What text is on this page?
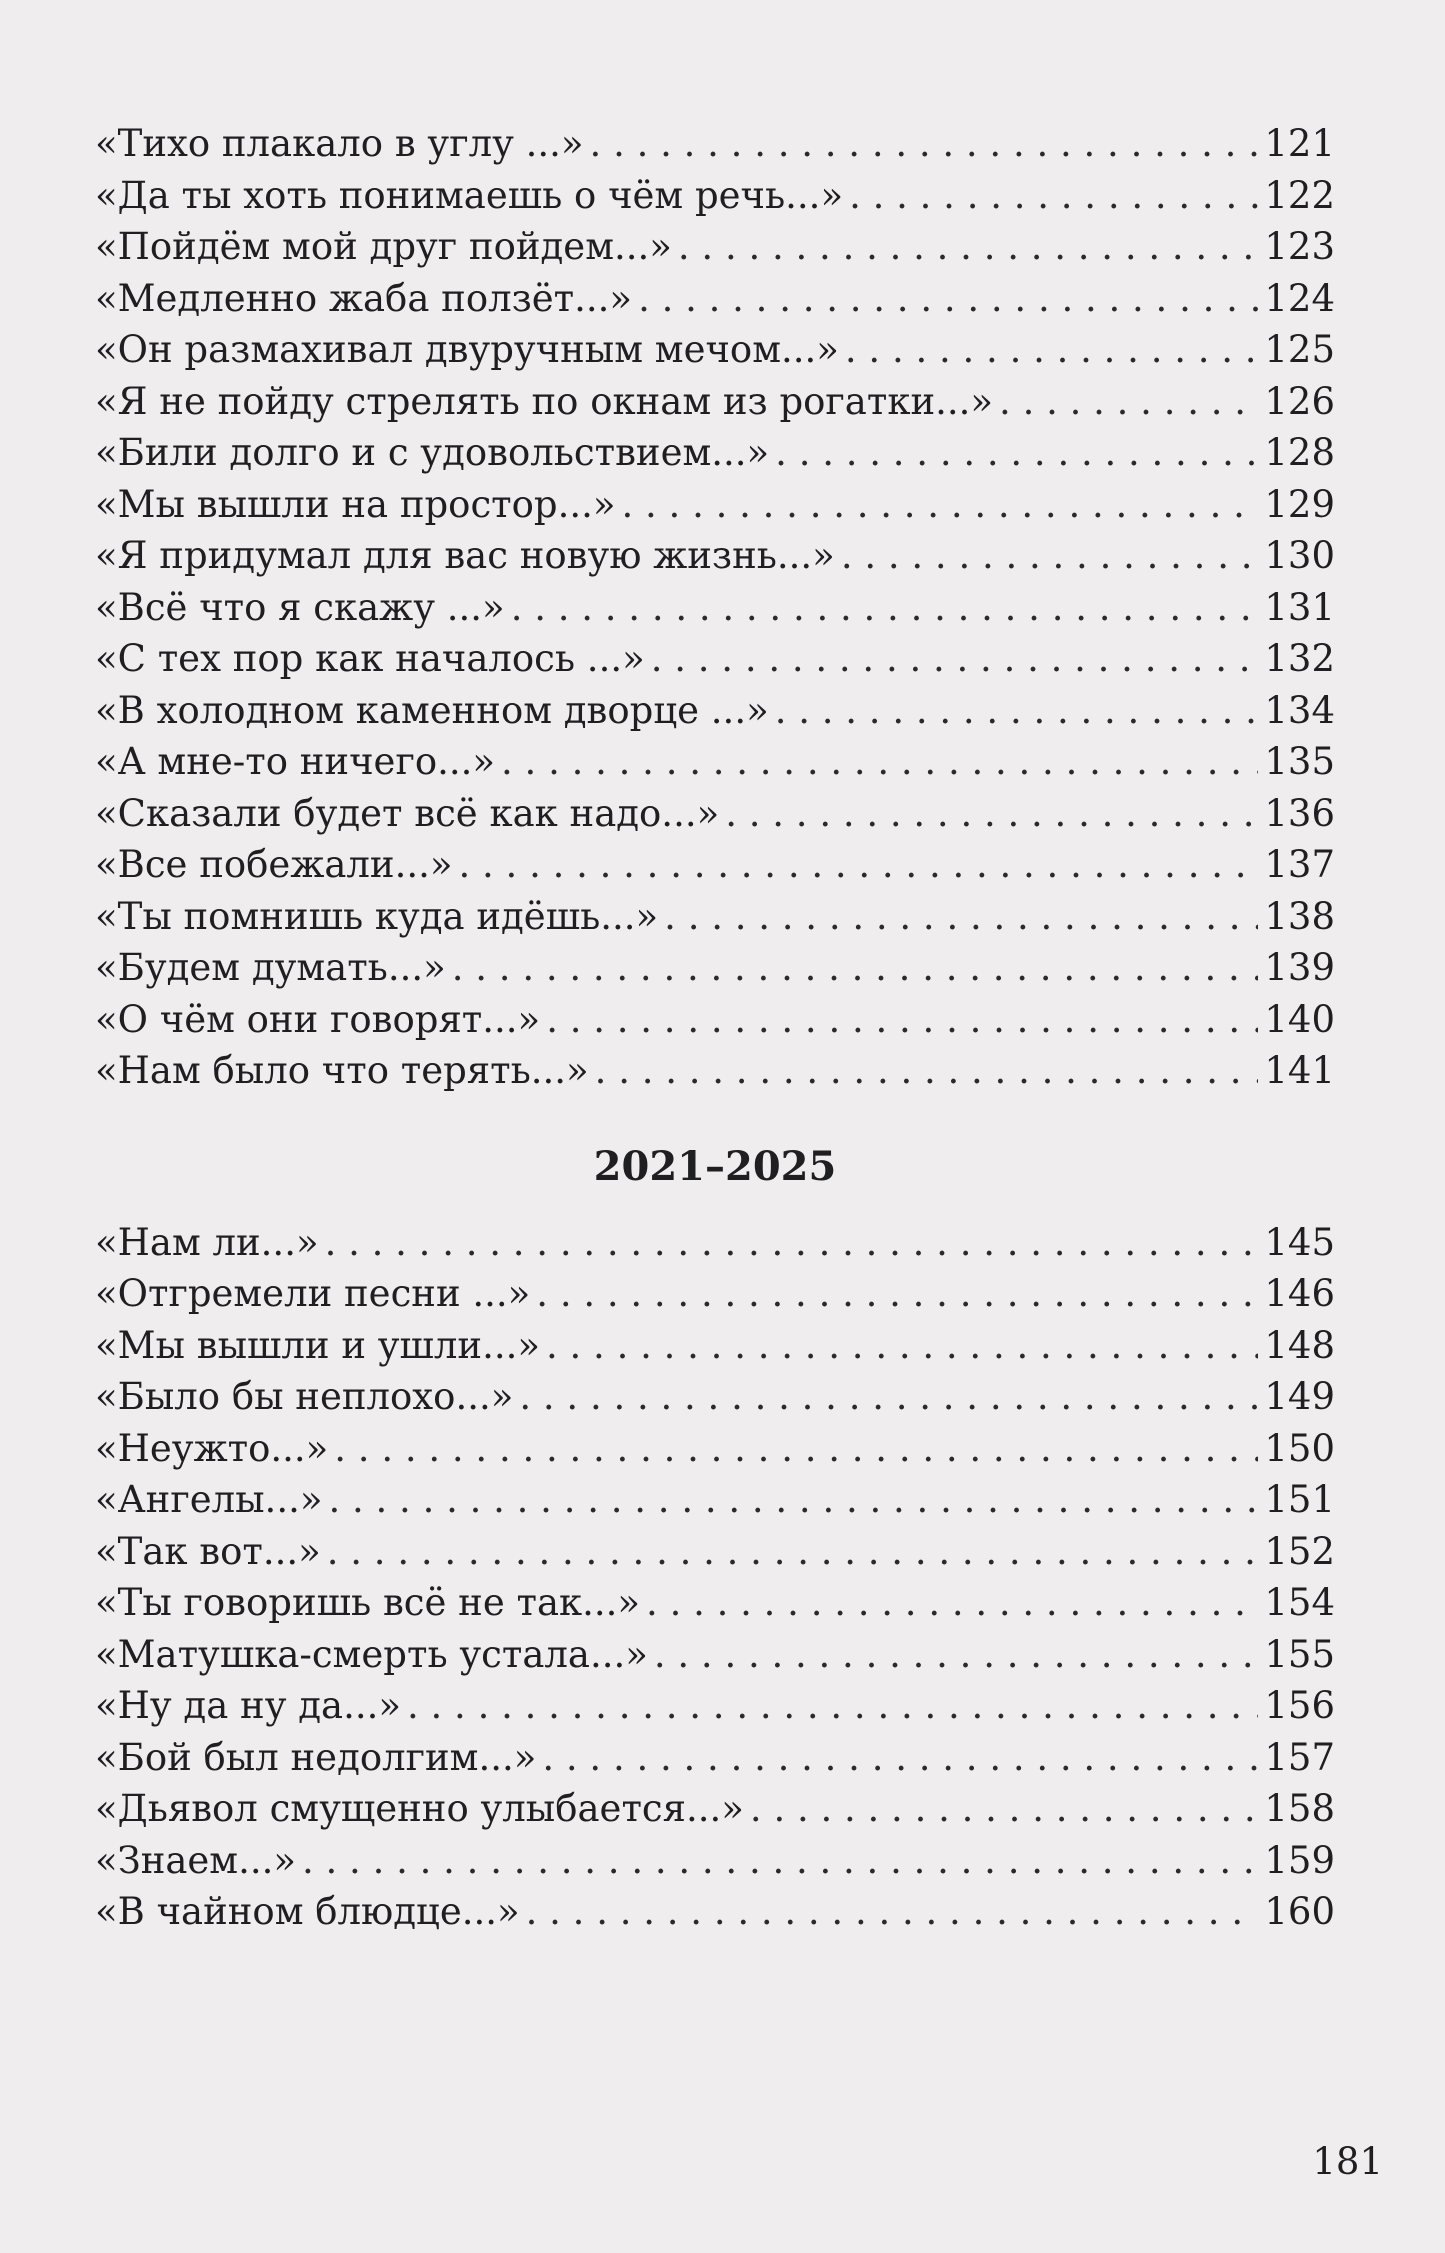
«Тихо плакало в углу ...» . . .	121
«Да ты хоть понимаешь о чём речь...» . . .	122
«Пойдём мой друг пойдем...» . . .	123
«Медленно жаба ползёт...» . . .	124
«Он размахивал двуручным мечом...» . . .	125
«Я не пойду стрелять по окнам из рогатки...» . . .	126
«Били долго и с удовольствием...» . . .	128
«Мы вышли на простор...» . . .	129
«Я придумал для вас новую жизнь...» . . .	130
«Всё что я скажу ...» . . .	131
«С тех пор как началось ...» . . .	132
«В холодном каменном дворце ...» . . .	134
«А мне-то ничего...» . . .	135
«Сказали будет всё как надо...» . . .	136
«Все побежали...» . . .	137
«Ты помнишь куда идёшь...» . . .	138
«Будем думать...» . . .	139
«О чём они говорят...» . . .	140
«Нам было что терять...» . . .	141
2021–2025
«Нам ли...» . . .	145
«Отгремели песни ...» . . .	146
«Мы вышли и ушли...» . . .	148
«Было бы неплохо...» . . .	149
«Неужто...» . . .	150
«Ангелы...» . . .	151
«Так вот...» . . .	152
«Ты говоришь всё не так...» . . .	154
«Матушка-смерть устала...» . . .	155
«Ну да ну да...» . . .	156
«Бой был недолгим...» . . .	157
«Дьявол смущенно улыбается...» . . .	158
«Знаем...» . . .	159
«В чайном блюдце...» . . .	160
181
